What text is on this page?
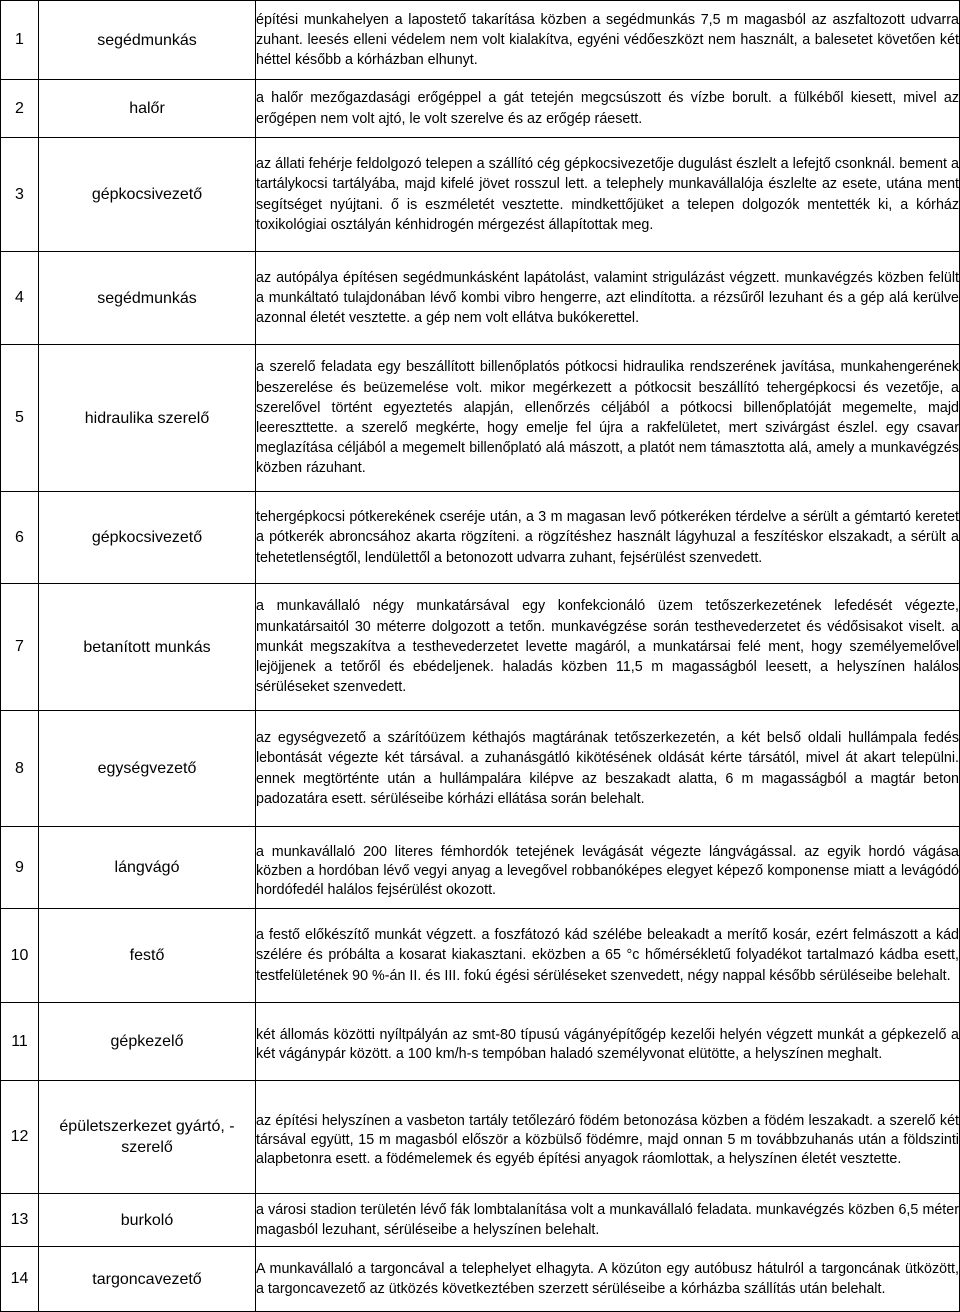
1	segédmunkás	építési munkahelyen a lapostető takarítása közben a segédmunkás 7,5 m magasból az aszfaltozott udvarra zuhant. leesés elleni védelem nem volt kialakítva, egyéni védőeszközt nem használt, a balesetet követően két héttel később a kórházban elhunyt.
2	halőr	a halőr mezőgazdasági erőgéppel a gát tetején megcsúszott és vízbe borult. a fülkéből kiesett, mivel az erőgépen nem volt ajtó, le volt szerelve és az erőgép ráesett.
3	gépkocsivezető	az állati fehérje feldolgozó telepen a szállító cég gépkocsivezetője dugulást észlelt a lefejtő csonknál. bement a tartálykocsi tartályába, majd kifelé jövet rosszul lett. a telephely munkavállalója észlelte az esete, utána ment segítséget nyújtani. ő is eszméletét vesztette. mindkettőjüket a telepen dolgozók mentették ki, a kórház toxikológiai osztályán kénhidrogén mérgezést állapítottak meg.
4	segédmunkás	az autópálya építésen segédmunkásként lapátolást, valamint strigulázást végzett. munkavégzés közben felült a munkáltató tulajdonában lévő kombi vibro hengerre, azt elindította. a rézsűről lezuhant és a gép alá kerülve azonnal életét vesztette. a gép nem volt ellátva bukókerettel.
5	hidraulika szerelő	a szerelő feladata egy beszállított billenőplatós pótkocsi hidraulika rendszerének javítása, munkahengerének beszerelése és beüzemelése volt. mikor megérkezett a pótkocsit beszállító tehergépkocsi és vezetője, a szerelővel történt egyeztetés alapján, ellenőrzés céljából a pótkocsi billenőplatóját megemelte, majd leereszttette. a szerelő megkérte, hogy emelje fel újra a rakfelületet, mert szivárgást észlel. egy csavar meglazítása céljából a megemelt billenőplató alá mászott, a platót nem támasztotta alá, amely a munkavégzés közben rázuhant.
6	gépkocsivezető	tehergépkocsi pótkerekének cseréje után, a 3 m magasan levő pótkeréken térdelve a sérült a gémtartó keretet a pótkerék abroncsához akarta rögzíteni. a rögzítéshez használt lágyhuzal a feszítéskor elszakadt, a sérült a tehetetlenségtől, lendülettől a betonozott udvarra zuhant, fejsérülést szenvedett.
7	betanított munkás	a munkavállaló négy munkatársával egy konfekcionáló üzem tetőszerkezetének lefedését végezte, munkatársaitól 30 méterre dolgozott a tetőn. munkavégzése során testhevederzetet és védősisakot viselt. a munkát megszakítva a testhevederzetet levette magáról, a munkatársai felé ment, hogy személyemelővel lejöjjenek a tetőről és ebédeljenek. haladás közben 11,5 m magasságból leesett, a helyszínen halálos sérüléseket szenvedett.
8	egységvezető	az egységvezető a szárítóüzem kéthajós magtárának tetőszerkezetén, a két belső oldali hullámpala fedés lebontását végezte két társával. a zuhanásgátló kikötésének oldását kérte társától, mivel át akart települni. ennek megtörténte után a hullámpalára kilépve az beszakadt alatta, 6 m magasságból a magtár beton padozatára esett. sérüléseibe kórházi ellátása során belehalt.
9	lángvágó	a munkavállaló 200 literes fémhordók tetejének levágását végezte lángvágással. az egyik hordó vágása közben a hordóban lévő vegyi anyag a levegővel robbanóképes elegyet képező komponense miatt a levágódó hordófedél halálos fejsérülést okozott.
10	festő	a festő előkészítő munkát végzett. a foszfátozó kád szélébe beleakadt a merítő kosár, ezért felmászott a kád szélére és próbálta a kosarat kiakasztani. eközben a 65 °c hőmérsékletű folyadékot tartalmazó kádba esett, testfelületének 90 %-án II. és III. fokú égési sérüléseket szenvedett, négy nappal később sérüléseibe belehalt.
11	gépkezelő	két állomás közötti nyíltpályán az smt-80 típusú vágányépítőgép kezelői helyén végzett munkát a gépkezelő a két vágánypár között. a 100 km/h-s tempóban haladó személyvonat elütötte, a helyszínen meghalt.
12	épületszerkezet gyártó, - szerelő	az építési helyszínen a vasbeton tartály tetőlezáró födém betonozása közben a födém leszakadt. a szerelő két társával együtt, 15 m magasból először a közbülső födémre, majd onnan 5 m továbbzuhanás után a földszinti alapbetonra esett. a födémelemek és egyéb építési anyagok ráomlottak, a helyszínen életét vesztette.
13	burkoló	a városi stadion területén lévő fák lombtalanítása volt a munkavállaló feladata. munkavégzés közben 6,5 méter magasból lezuhant, sérüléseibe a helyszínen belehalt.
14	targoncavezető	A munkavállaló a targoncával a telephelyet elhagyta. A közúton egy autóbusz hátulról a targoncának ütközött, a targoncavezető az ütközés következtében szerzett sérüléseibe a kórházba szállítás után belehalt.
